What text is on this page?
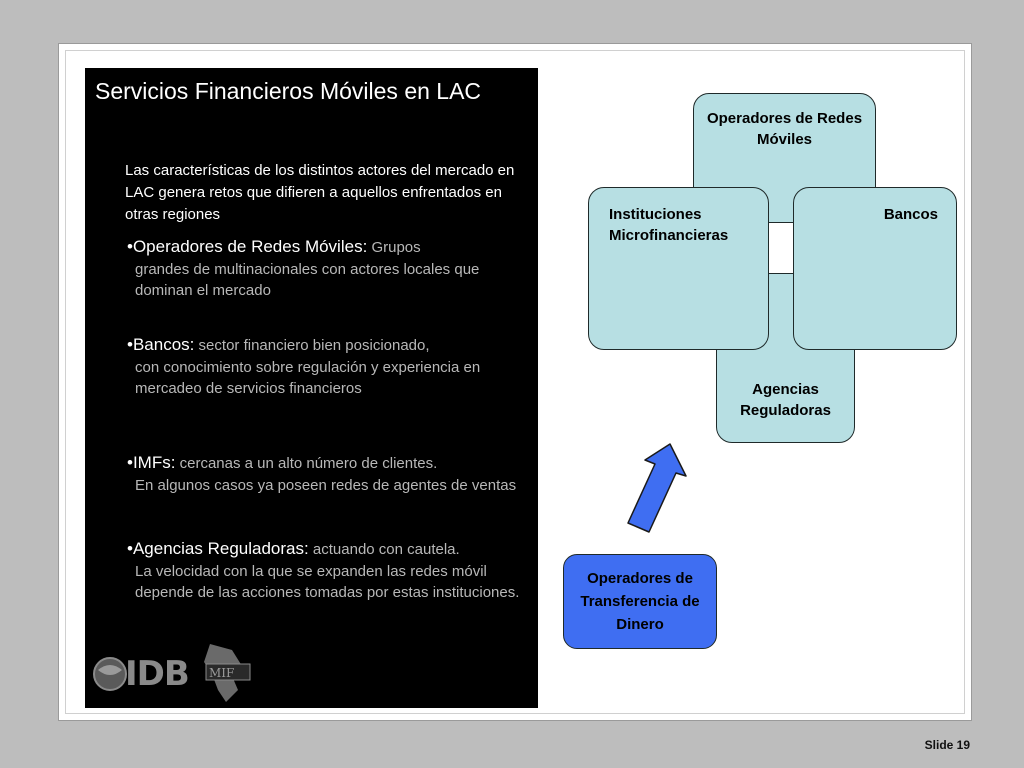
Servicios Financieros Móviles en LAC
Las características de los distintos actores del mercado en LAC genera retos que difieren a aquellos enfrentados en otras regiones
•Operadores de Redes Móviles: Grupos
grandes de multinacionales con actores locales que dominan el mercado
•Bancos: sector financiero bien posicionado,
con conocimiento sobre regulación y experiencia en mercadeo de servicios financieros
•IMFs: cercanas a un alto número de clientes.
En algunos casos ya poseen redes de agentes de ventas
•Agencias Reguladoras: actuando con cautela.
La velocidad con la que se expanden las redes móvil depende de las acciones tomadas por estas instituciones.
MIF
IDB
Operadores de Redes Móviles
Agencias Reguladoras
Instituciones Microfinancieras
Bancos
Operadores de Transferencia de Dinero
Slide 19
